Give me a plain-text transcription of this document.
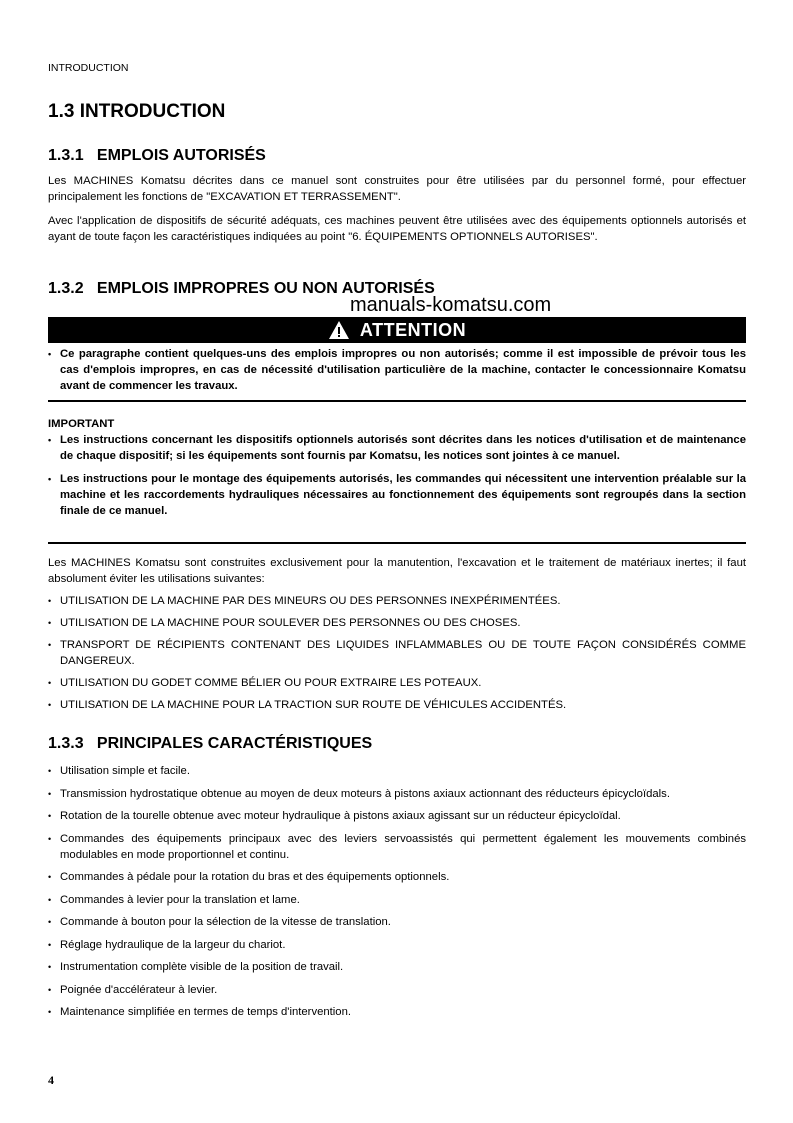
INTRODUCTION
1.3 INTRODUCTION
1.3.1   EMPLOIS AUTORISÉS
Les MACHINES Komatsu décrites dans ce manuel sont construites pour être utilisées par du personnel formé, pour effectuer principalement les fonctions de "EXCAVATION ET TERRASSEMENT".
Avec l'application de dispositifs de sécurité adéquats, ces machines peuvent être utilisées avec des équipements optionnels autorisés et ayant de toute façon les caractéristiques indiquées au point "6. ÉQUIPEMENTS OPTIONNELS AUTORISES".
1.3.2   EMPLOIS IMPROPRES OU NON AUTORISÉS
manuals-komatsu.com
ATTENTION
• Ce paragraphe contient quelques-uns des emplois impropres ou non autorisés; comme il est impossible de prévoir tous les cas d'emplois impropres, en cas de nécessité d'utilisation particulière de la machine, contacter le concessionnaire Komatsu avant de commencer les travaux.
IMPORTANT
• Les instructions concernant les dispositifs optionnels autorisés sont décrites dans les notices d'utilisation et de maintenance de chaque dispositif; si les équipements sont fournis par Komatsu, les notices sont jointes à ce manuel.
• Les instructions pour le montage des équipements autorisés, les commandes qui nécessitent une intervention préalable sur la machine et les raccordements hydrauliques nécessaires au fonctionnement des équipements sont regroupés dans la section finale de ce manuel.
Les MACHINES Komatsu sont construites exclusivement pour la manutention, l'excavation et le traitement de matériaux inertes; il faut absolument éviter les utilisations suivantes:
• UTILISATION DE LA MACHINE PAR DES MINEURS OU DES PERSONNES INEXPÉRIMENTÉES.
• UTILISATION DE LA MACHINE POUR SOULEVER DES PERSONNES OU DES CHOSES.
• TRANSPORT DE RÉCIPIENTS CONTENANT DES LIQUIDES INFLAMMABLES OU DE TOUTE FAÇON CONSIDÉRÉS COMME DANGEREUX.
• UTILISATION DU GODET COMME BÉLIER OU POUR EXTRAIRE LES POTEAUX.
• UTILISATION DE LA MACHINE POUR LA TRACTION SUR ROUTE DE VÉHICULES ACCIDENTÉS.
1.3.3   PRINCIPALES CARACTÉRISTIQUES
• Utilisation simple et facile.
• Transmission hydrostatique obtenue au moyen de deux moteurs à pistons axiaux actionnant des réducteurs épicycloïdals.
• Rotation de la tourelle obtenue avec moteur hydraulique à pistons axiaux agissant sur un réducteur épicycloïdal.
• Commandes des équipements principaux avec des leviers servoassistés qui permettent également les mouvements combinés modulables en mode proportionnel et continu.
• Commandes à pédale pour la rotation du bras et des équipements optionnels.
• Commandes à levier pour la translation et lame.
• Commande à bouton pour la sélection de la vitesse de translation.
• Réglage hydraulique de la largeur du chariot.
• Instrumentation complète visible de la position de travail.
• Poignée d'accélérateur à levier.
• Maintenance simplifiée en termes de temps d'intervention.
4
